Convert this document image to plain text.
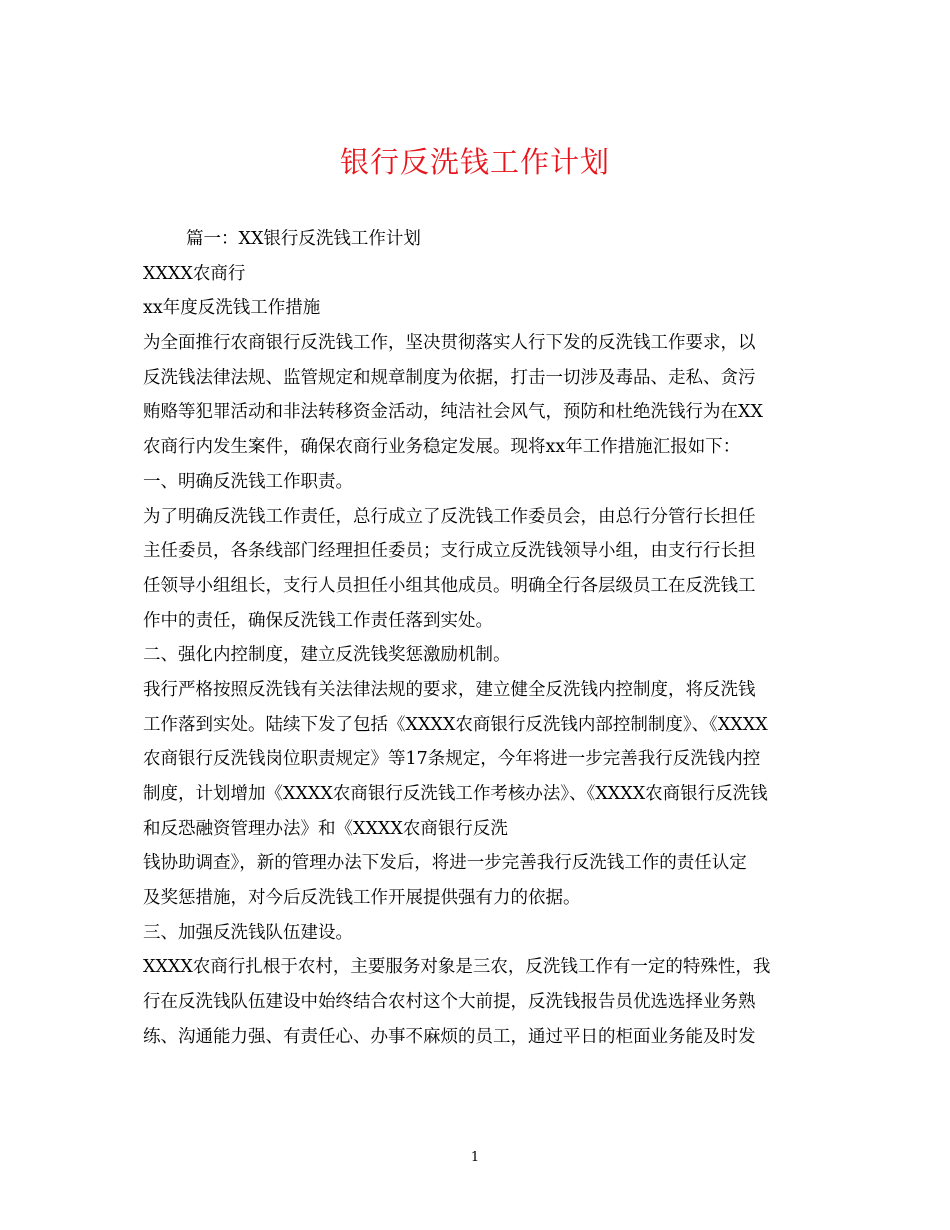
银行反洗钱工作计划
篇一：XX银行反洗钱工作计划
XXXX农商行
xx年度反洗钱工作措施
为全面推行农商银行反洗钱工作，坚决贯彻落实人行下发的反洗钱工作要求，以
反洗钱法律法规、监管规定和规章制度为依据，打击一切涉及毒品、走私、贪污
贿赂等犯罪活动和非法转移资金活动，纯洁社会风气，预防和杜绝洗钱行为在XX
农商行内发生案件，确保农商行业务稳定发展。现将xx年工作措施汇报如下：
一、明确反洗钱工作职责。
为了明确反洗钱工作责任，总行成立了反洗钱工作委员会，由总行分管行长担任
主任委员，各条线部门经理担任委员；支行成立反洗钱领导小组，由支行行长担
任领导小组组长，支行人员担任小组其他成员。明确全行各层级员工在反洗钱工
作中的责任，确保反洗钱工作责任落到实处。
二、强化内控制度，建立反洗钱奖惩激励机制。
我行严格按照反洗钱有关法律法规的要求，建立健全反洗钱内控制度，将反洗钱
工作落到实处。陆续下发了包括《XXXX农商银行反洗钱内部控制制度》、《XXXX
农商银行反洗钱岗位职责规定》等17条规定，今年将进一步完善我行反洗钱内控
制度，计划增加《XXXX农商银行反洗钱工作考核办法》、《XXXX农商银行反洗钱
和反恐融资管理办法》和《XXXX农商银行反洗
钱协助调查》，新的管理办法下发后，将进一步完善我行反洗钱工作的责任认定
及奖惩措施，对今后反洗钱工作开展提供强有力的依据。
三、加强反洗钱队伍建设。
XXXX农商行扎根于农村，主要服务对象是三农，反洗钱工作有一定的特殊性，我
行在反洗钱队伍建设中始终结合农村这个大前提，反洗钱报告员优选选择业务熟
练、沟通能力强、有责任心、办事不麻烦的员工，通过平日的柜面业务能及时发
1
